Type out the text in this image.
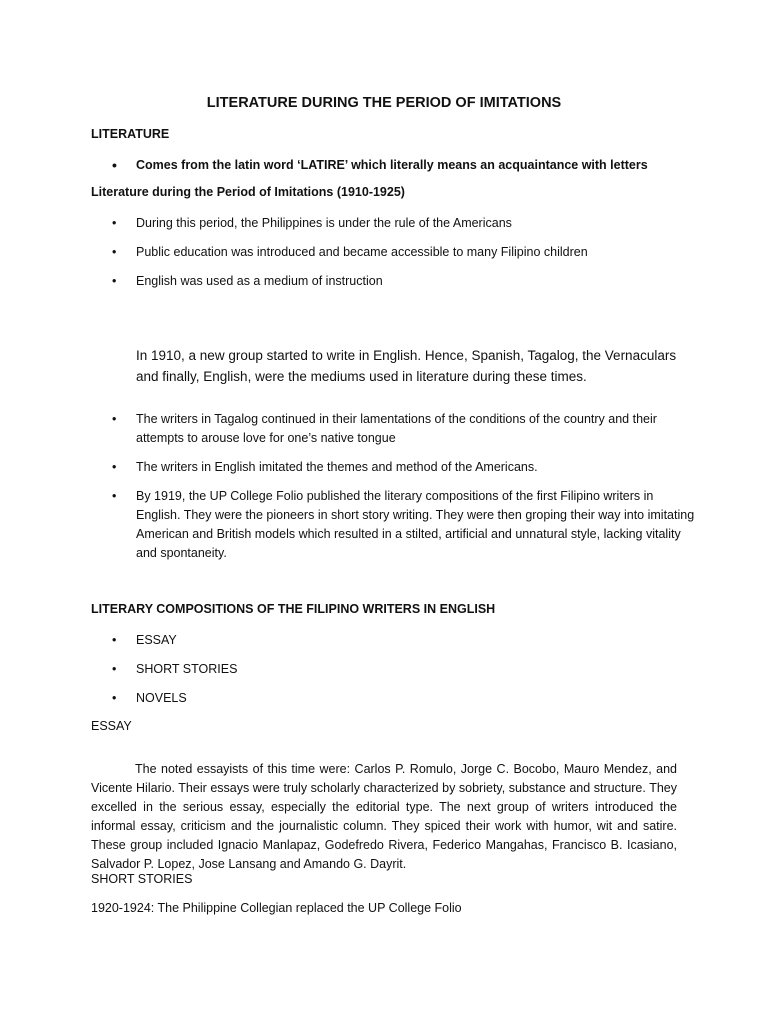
LITERATURE DURING THE PERIOD OF IMITATIONS

LITERATURE

•	Comes from the latin word ‘LATIRE’ which literally means an acquaintance with letters

Literature during the Period of Imitations (1910-1925)

•	During this period, the Philippines is under the rule of the Americans
•	Public education was introduced and became accessible to many Filipino children
•	English was used as a medium of instruction

In 1910, a new group started to write in English. Hence, Spanish, Tagalog, the Vernaculars and finally, English, were the mediums used in literature during these times.

•	The writers in Tagalog continued in their lamentations of the conditions of the country and their attempts to arouse love for one’s native tongue
•	The writers in English imitated the themes and method of the Americans.
•	By 1919, the UP College Folio published the literary compositions of the first Filipino writers in English. They were the pioneers in short story writing. They were then groping their way into imitating American and British models which resulted in a stilted, artificial and unnatural style, lacking vitality and spontaneity.

LITERARY COMPOSITIONS OF THE FILIPINO WRITERS IN ENGLISH

•	ESSAY
•	SHORT STORIES
•	NOVELS

ESSAY

The noted essayists of this time were: Carlos P. Romulo, Jorge C. Bocobo, Mauro Mendez, and Vicente Hilario. Their essays were truly scholarly characterized by sobriety, substance and structure. They excelled in the serious essay, especially the editorial type. The next group of writers introduced the informal essay, criticism and the journalistic column. They spiced their work with humor, wit and satire. These group included Ignacio Manlapaz, Godefredo Rivera, Federico Mangahas, Francisco B. Icasiano, Salvador P. Lopez, Jose Lansang and Amando G. Dayrit.

SHORT STORIES

1920-1924: The Philippine Collegian replaced the UP College Folio
